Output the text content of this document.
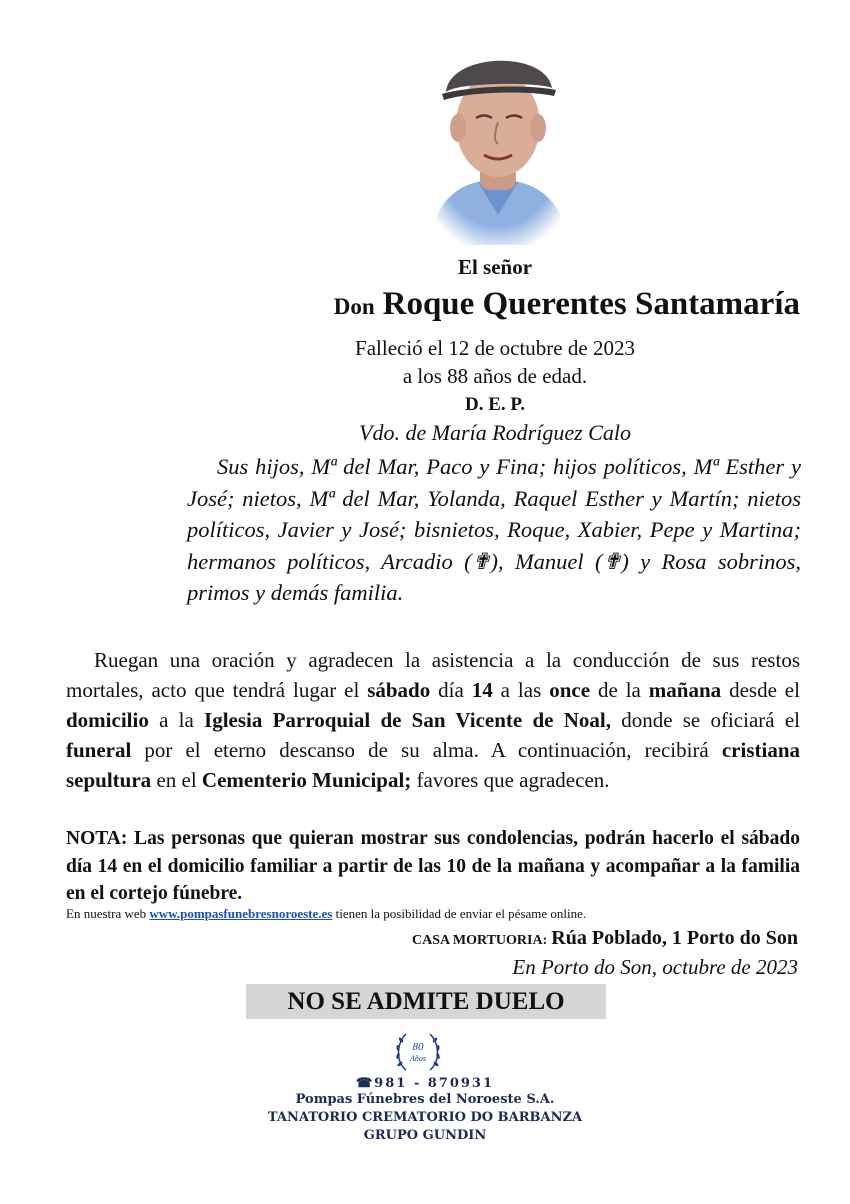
El señor
Don Roque Querentes Santamaría
Falleció el 12 de octubre de 2023
a los 88 años de edad.
D. E. P.
Vdo. de María Rodríguez Calo

Sus hijos, Mª del Mar, Paco y Fina; hijos políticos, Mª Esther y José; nietos, Mª del Mar, Yolanda, Raquel Esther y Martín; nietos políticos, Javier y José; bisnietos, Roque, Xabier, Pepe y Martina; hermanos políticos, Arcadio (✟), Manuel (✟) y Rosa sobrinos, primos y demás familia.

Ruegan una oración y agradecen la asistencia a la conducción de sus restos mortales, acto que tendrá lugar el sábado día 14 a las once de la mañana desde el domicilio a la Iglesia Parroquial de San Vicente de Noal, donde se oficiará el funeral por el eterno descanso de su alma. A continuación, recibirá cristiana sepultura en el Cementerio Municipal; favores que agradecen.

NOTA: Las personas que quieran mostrar sus condolencias, podrán hacerlo el sábado día 14 en el domicilio familiar a partir de las 10 de la mañana y acompañar a la familia en el cortejo fúnebre.

En nuestra web www.pompasfunebresnoroeste.es tienen la posibilidad de enviar el pésame online.
CASA MORTUORIA: Rúa Poblado, 1 Porto do Son
En Porto do Son, octubre de 2023
NO SE ADMITE DUELO
80
Años
☎981 - 870931
Pompas Fúnebres del Noroeste S.A.
TANATORIO CREMATORIO DO BARBANZA
GRUPO GUNDIN
